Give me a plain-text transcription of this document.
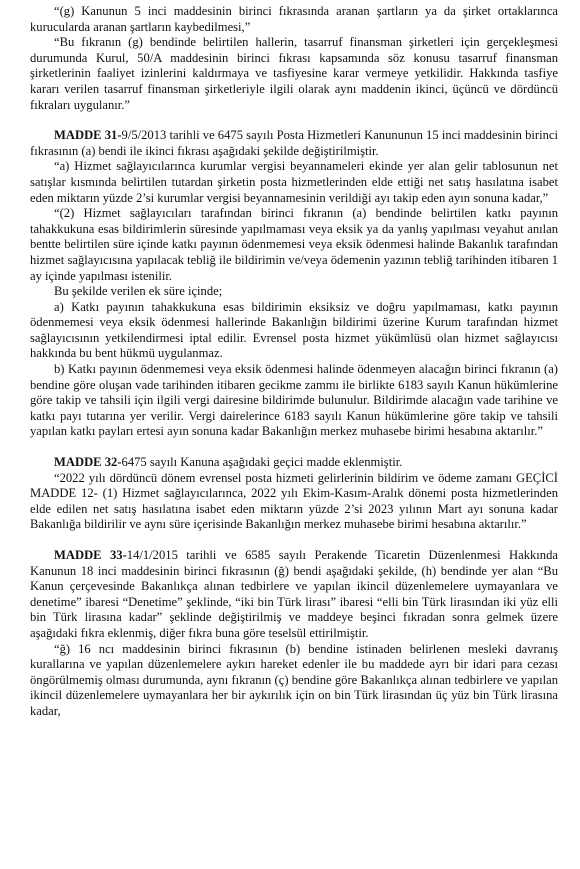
“(g) Kanunun 5 inci maddesinin birinci fıkrasında aranan şartların ya da şirket ortaklarınca kurucularda aranan şartların kaybedilmesi,”

“Bu fıkranın (g) bendinde belirtilen hallerin, tasarruf finansman şirketleri için gerçekleşmesi durumunda Kurul, 50/A maddesinin birinci fıkrası kapsamında söz konusu tasarruf finansman şirketlerinin faaliyet izinlerini kaldırmaya ve tasfiyesine karar vermeye yetkilidir. Hakkında tasfiye kararı verilen tasarruf finansman şirketleriyle ilgili olarak aynı maddenin ikinci, üçüncü ve dördüncü fıkraları uygulanır.”

MADDE 31-9/5/2013 tarihli ve 6475 sayılı Posta Hizmetleri Kanununun 15 inci maddesinin birinci fıkrasının (a) bendi ile ikinci fıkrası aşağıdaki şekilde değiştirilmiştir.

“a) Hizmet sağlayıcılarınca kurumlar vergisi beyannameleri ekinde yer alan gelir tablosunun net satışlar kısmında belirtilen tutardan şirketin posta hizmetlerinden elde ettiği net satış hasılatına isabet eden miktarın yüzde 2’si kurumlar vergisi beyannamesinin verildiği ayı takip eden ayın sonuna kadar,”

“(2) Hizmet sağlayıcıları tarafından birinci fıkranın (a) bendinde belirtilen katkı payının tahakkukuna esas bildirimlerin süresinde yapılmaması veya eksik ya da yanlış yapılması veyahut anılan bentte belirtilen süre içinde katkı payının ödenmemesi veya eksik ödenmesi halinde Bakanlık tarafından hizmet sağlayıcısına yapılacak tebliğ ile bildirimin ve/veya ödemenin yazının tebliğ tarihinden itibaren 1 ay içinde yapılması istenilir.

Bu şekilde verilen ek süre içinde;

a) Katkı payının tahakkukuna esas bildirimin eksiksiz ve doğru yapılmaması, katkı payının ödenmemesi veya eksik ödenmesi hallerinde Bakanlığın bildirimi üzerine Kurum tarafından hizmet sağlayıcısının yetkilendirmesi iptal edilir. Evrensel posta hizmet yükümlüsü olan hizmet sağlayıcısı hakkında bu bent hükmü uygulanmaz.

b) Katkı payının ödenmemesi veya eksik ödenmesi halinde ödenmeyen alacağın birinci fıkranın (a) bendine göre oluşan vade tarihinden itibaren gecikme zammı ile birlikte 6183 sayılı Kanun hükümlerine göre takip ve tahsili için ilgili vergi dairesine bildirimde bulunulur. Bildirimde alacağın vade tarihine ve katkı payı tutarına yer verilir. Vergi dairelerince 6183 sayılı Kanun hükümlerine göre takip ve tahsili yapılan katkı payları ertesi ayın sonuna kadar Bakanlığın merkez muhasebe birimi hesabına aktarılır.”

MADDE 32-6475 sayılı Kanuna aşağıdaki geçici madde eklenmiştir.

“2022 yılı dördüncü dönem evrensel posta hizmeti gelirlerinin bildirim ve ödeme zamanı GEÇİCİ MADDE 12- (1) Hizmet sağlayıcılarınca, 2022 yılı Ekim-Kasım-Aralık dönemi posta hizmetlerinden elde edilen net satış hasılatına isabet eden miktarın yüzde 2’si 2023 yılının Mart ayı sonuna kadar Bakanlığa bildirilir ve aynı süre içerisinde Bakanlığın merkez muhasebe birimi hesabına aktarılır.”

MADDE 33-14/1/2015 tarihli ve 6585 sayılı Perakende Ticaretin Düzenlenmesi Hakkında Kanunun 18 inci maddesinin birinci fıkrasının (ğ) bendi aşağıdaki şekilde, (h) bendinde yer alan “Bu Kanun çerçevesinde Bakanlıkça alınan tedbirlere ve yapılan ikincil düzenlemelere uymayanlara ve denetime” ibaresi “Denetime” şeklinde, “iki bin Türk lirası” ibaresi “elli bin Türk lirasından iki yüz elli bin Türk lirasına kadar” şeklinde değiştirilmiş ve maddeye beşinci fıkradan sonra gelmek üzere aşağıdaki fıkra eklenmiş, diğer fıkra buna göre teselsül ettirilmiştir.

“ğ) 16 ncı maddesinin birinci fıkrasının (b) bendine istinaden belirlenen mesleki davranış kurallarına ve yapılan düzenlemelere aykırı hareket edenler ile bu maddede ayrı bir idari para cezası öngörülmemiş olması durumunda, aynı fıkranın (ç) bendine göre Bakanlıkça alınan tedbirlere ve yapılan ikincil düzenlemelere uymayanlara her bir aykırılık için on bin Türk lirasından üç yüz bin Türk lirasına kadar,
